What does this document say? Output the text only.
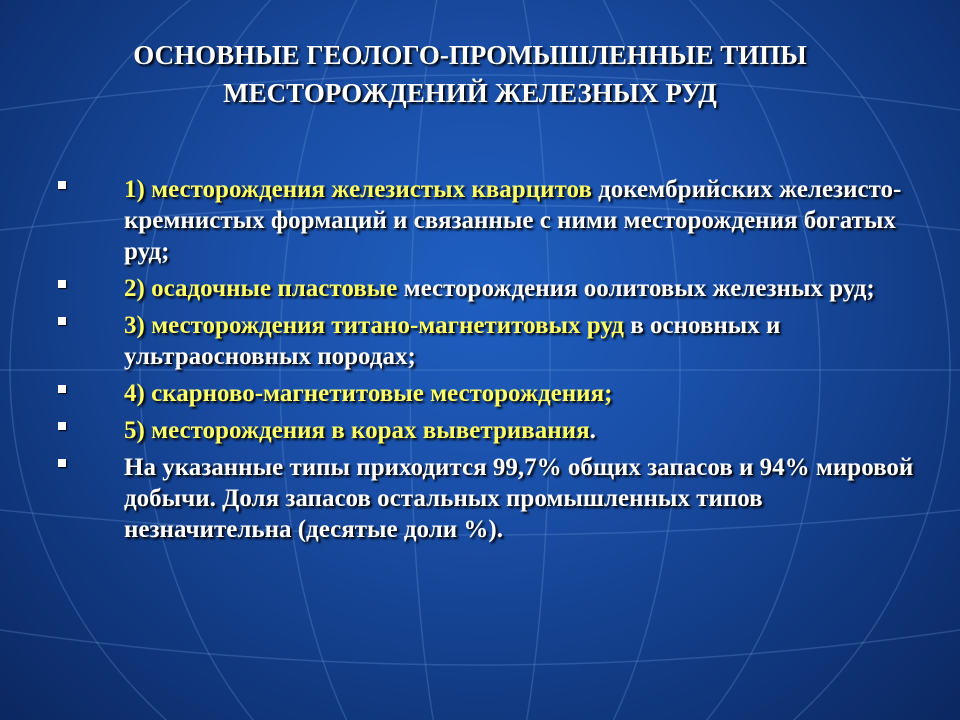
ОСНОВНЫЕ ГЕОЛОГО-ПРОМЫШЛЕННЫЕ ТИПЫ
МЕСТОРОЖДЕНИЙ ЖЕЛЕЗНЫХ РУД
1) месторождения железистых кварцитов докембрийских железисто-кремнистых формаций и связанные с ними месторождения богатых руд;
2) осадочные пластовые месторождения оолитовых железных руд;
3) месторождения титано-магнетитовых руд в основных и ультраосновных породах;
4) скарново-магнетитовые месторождения;
5) месторождения в корах выветривания.
На указанные типы приходится 99,7% общих запасов и 94% мировой добычи. Доля запасов остальных промышленных типов незначительна (десятые доли %).
